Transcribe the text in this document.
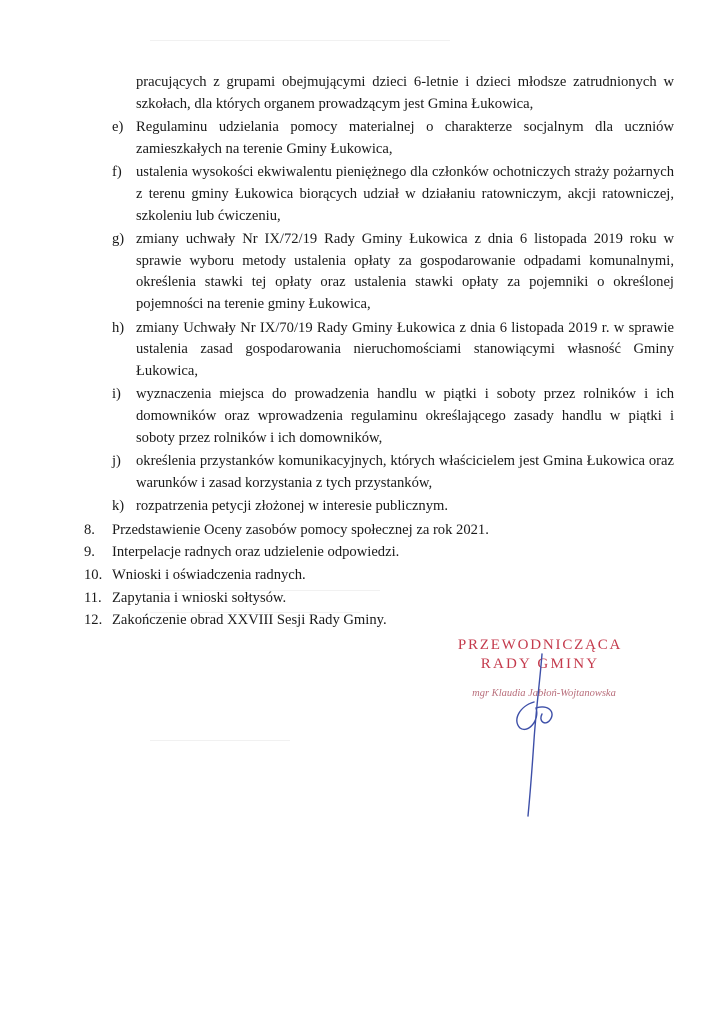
pracujących z grupami obejmującymi dzieci 6-letnie i dzieci młodsze zatrudnionych w szkołach, dla których organem prowadzącym jest Gmina Łukowica,
e) Regulaminu udzielania pomocy materialnej o charakterze socjalnym dla uczniów zamieszkałych na terenie Gminy Łukowica,
f) ustalenia wysokości ekwiwalentu pieniężnego dla członków ochotniczych straży pożarnych z terenu gminy Łukowica biorących udział w działaniu ratowniczym, akcji ratowniczej, szkoleniu lub ćwiczeniu,
g) zmiany uchwały Nr IX/72/19 Rady Gminy Łukowica z dnia 6 listopada 2019 roku w sprawie wyboru metody ustalenia opłaty za gospodarowanie odpadami komunalnymi, określenia stawki tej opłaty oraz ustalenia stawki opłaty za pojemniki o określonej pojemności na terenie gminy Łukowica,
h) zmiany Uchwały Nr IX/70/19 Rady Gminy Łukowica z dnia 6 listopada 2019 r. w sprawie ustalenia zasad gospodarowania nieruchomościami stanowiącymi własność Gminy Łukowica,
i)	wyznaczenia miejsca do prowadzenia handlu w piątki i soboty przez rolników i ich domowników oraz wprowadzenia regulaminu określającego zasady handlu w piątki i soboty przez rolników i ich domowników,
j)	określenia przystanków komunikacyjnych, których właścicielem jest Gmina Łukowica oraz warunków i zasad korzystania z tych przystanków,
k) rozpatrzenia petycji złożonej w interesie publicznym.
8.	Przedstawienie Oceny zasobów pomocy społecznej za rok 2021.
9.	Interpelacje radnych oraz udzielenie odpowiedzi.
10. Wnioski i oświadczenia radnych.
11. Zapytania i wnioski sołtysów.
12. Zakończenie obrad XXVIII Sesji Rady Gminy.
PRZEWODNICZĄCA
RADY GMINY
mgr Klaudia Jabłoń-Wojtanowska
